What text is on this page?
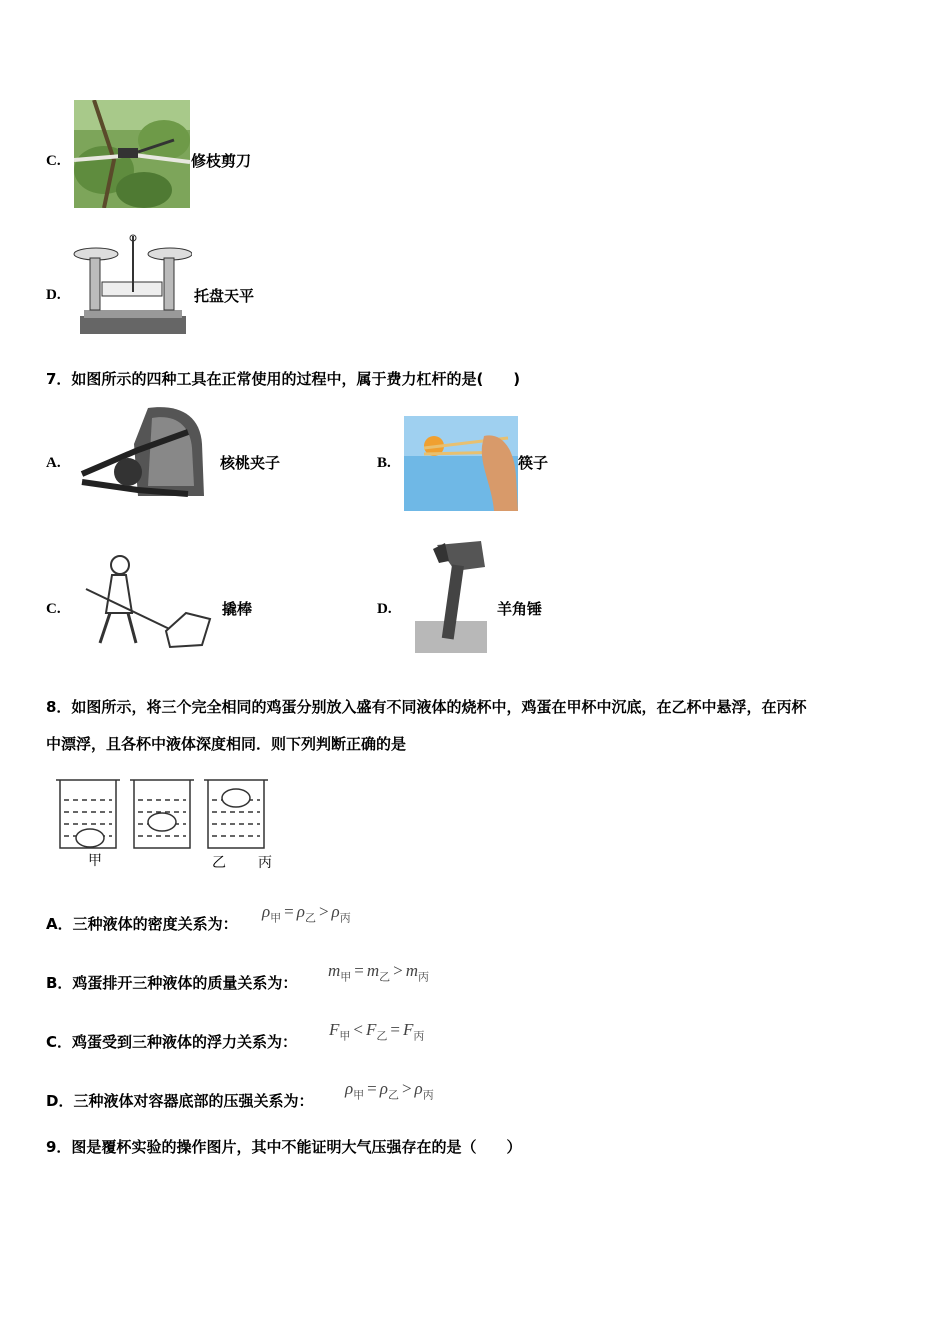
C.	修枝剪刀
D.	托盘天平
7．如图所示的四种工具在正常使用的过程中，属于费力杠杆的是(　　)
A.	核桃夹子	B.	筷子
C.	撬棒	D.	羊角锤
8．如图所示，将三个完全相同的鸡蛋分别放入盛有不同液体的烧杯中，鸡蛋在甲杯中沉底，在乙杯中悬浮，在丙杯
中漂浮，且各杯中液体深度相同．则下列判断正确的是
甲	乙 丙
A．三种液体的密度关系为：
$\rho_甲 = \rho_乙 > \rho_丙$
B．鸡蛋排开三种液体的质量关系为：
$m_甲 = m_乙 > m_丙$
C．鸡蛋受到三种液体的浮力关系为：
$F_甲 < F_乙 = F_丙$
D．三种液体对容器底部的压强关系为：
$\rho_甲 = \rho_乙 > \rho_丙$
9．图是覆杯实验的操作图片，其中不能证明大气压强存在的是（　　）
